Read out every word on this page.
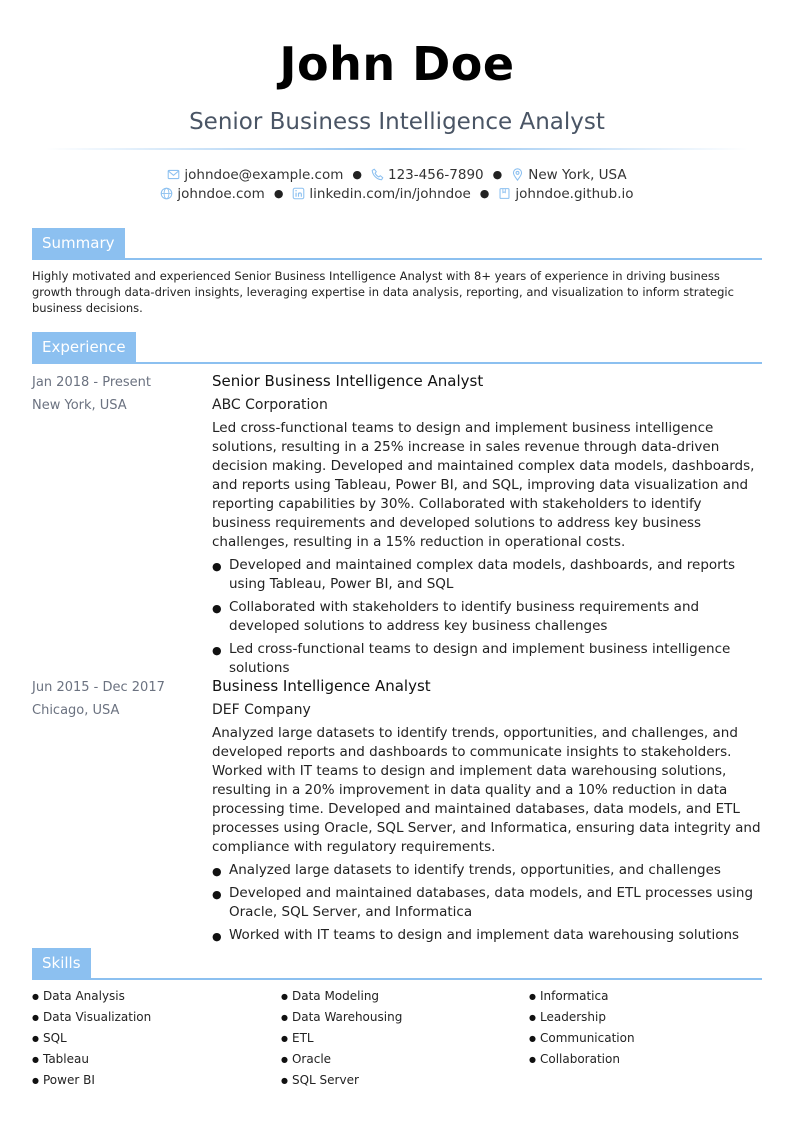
John Doe
Senior Business Intelligence Analyst
johndoe@example.com ● 123-456-7890 ● New York, USA
johndoe.com ● linkedin.com/in/johndoe ● johndoe.github.io
Summary
Highly motivated and experienced Senior Business Intelligence Analyst with 8+ years of experience in driving business growth through data-driven insights, leveraging expertise in data analysis, reporting, and visualization to inform strategic business decisions.
Experience
Jan 2018 - Present
New York, USA
Senior Business Intelligence Analyst
ABC Corporation
Led cross-functional teams to design and implement business intelligence solutions, resulting in a 25% increase in sales revenue through data-driven decision making. Developed and maintained complex data models, dashboards, and reports using Tableau, Power BI, and SQL, improving data visualization and reporting capabilities by 30%. Collaborated with stakeholders to identify business requirements and developed solutions to address key business challenges, resulting in a 15% reduction in operational costs.
● Developed and maintained complex data models, dashboards, and reports using Tableau, Power BI, and SQL
● Collaborated with stakeholders to identify business requirements and developed solutions to address key business challenges
● Led cross-functional teams to design and implement business intelligence solutions
Jun 2015 - Dec 2017
Chicago, USA
Business Intelligence Analyst
DEF Company
Analyzed large datasets to identify trends, opportunities, and challenges, and developed reports and dashboards to communicate insights to stakeholders. Worked with IT teams to design and implement data warehousing solutions, resulting in a 20% improvement in data quality and a 10% reduction in data processing time. Developed and maintained databases, data models, and ETL processes using Oracle, SQL Server, and Informatica, ensuring data integrity and compliance with regulatory requirements.
● Analyzed large datasets to identify trends, opportunities, and challenges
● Developed and maintained databases, data models, and ETL processes using Oracle, SQL Server, and Informatica
● Worked with IT teams to design and implement data warehousing solutions
Skills
● Data Analysis
● Data Visualization
● SQL
● Tableau
● Power BI
● Data Modeling
● Data Warehousing
● ETL
● Oracle
● SQL Server
● Informatica
● Leadership
● Communication
● Collaboration
